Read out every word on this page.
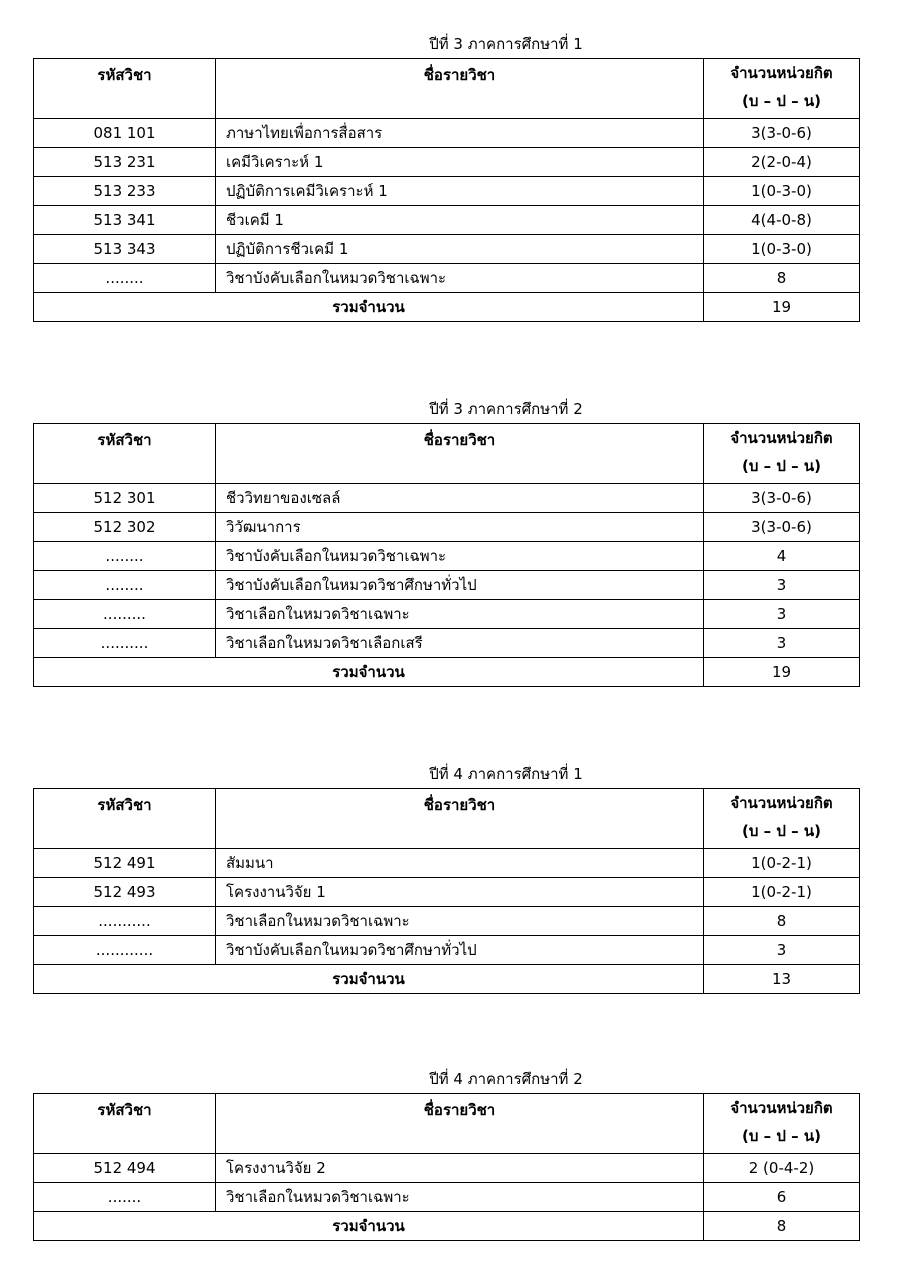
ปีที่ 3 ภาคการศึกษาที่ 1
รหัสวิชา	ชื่อรายวิชา	จำนวนหน่วยกิต
(บ – ป – น)
081 101	ภาษาไทยเพื่อการสื่อสาร	3(3-0-6)
513 231	เคมีวิเคราะห์ 1	2(2-0-4)
513 233	ปฏิบัติการเคมีวิเคราะห์ 1	1(0-3-0)
513 341	ชีวเคมี 1	4(4-0-8)
513 343	ปฏิบัติการชีวเคมี 1	1(0-3-0)
........	วิชาบังคับเลือกในหมวดวิชาเฉพาะ	8
รวมจำนวน		19
ปีที่ 3 ภาคการศึกษาที่ 2
รหัสวิชา	ชื่อรายวิชา	จำนวนหน่วยกิต
(บ – ป – น)
512 301	ชีววิทยาของเซลล์	3(3-0-6)
512 302	วิวัฒนาการ	3(3-0-6)
........	วิชาบังคับเลือกในหมวดวิชาเฉพาะ	4
........	วิชาบังคับเลือกในหมวดวิชาศึกษาทั่วไป	3
.........	วิชาเลือกในหมวดวิชาเฉพาะ	3
..........	วิชาเลือกในหมวดวิชาเลือกเสรี	3
รวมจำนวน		19
ปีที่ 4 ภาคการศึกษาที่ 1
รหัสวิชา	ชื่อรายวิชา	จำนวนหน่วยกิต
(บ – ป – น)
512 491	สัมมนา	1(0-2-1)
512 493	โครงงานวิจัย 1	1(0-2-1)
...........	วิชาเลือกในหมวดวิชาเฉพาะ	8
............	วิชาบังคับเลือกในหมวดวิชาศึกษาทั่วไป	3
รวมจำนวน		13
ปีที่ 4 ภาคการศึกษาที่ 2
รหัสวิชา	ชื่อรายวิชา	จำนวนหน่วยกิต
(บ – ป – น)
512 494	โครงงานวิจัย 2	2 (0-4-2)
.......	วิชาเลือกในหมวดวิชาเฉพาะ	6
รวมจำนวน		8
